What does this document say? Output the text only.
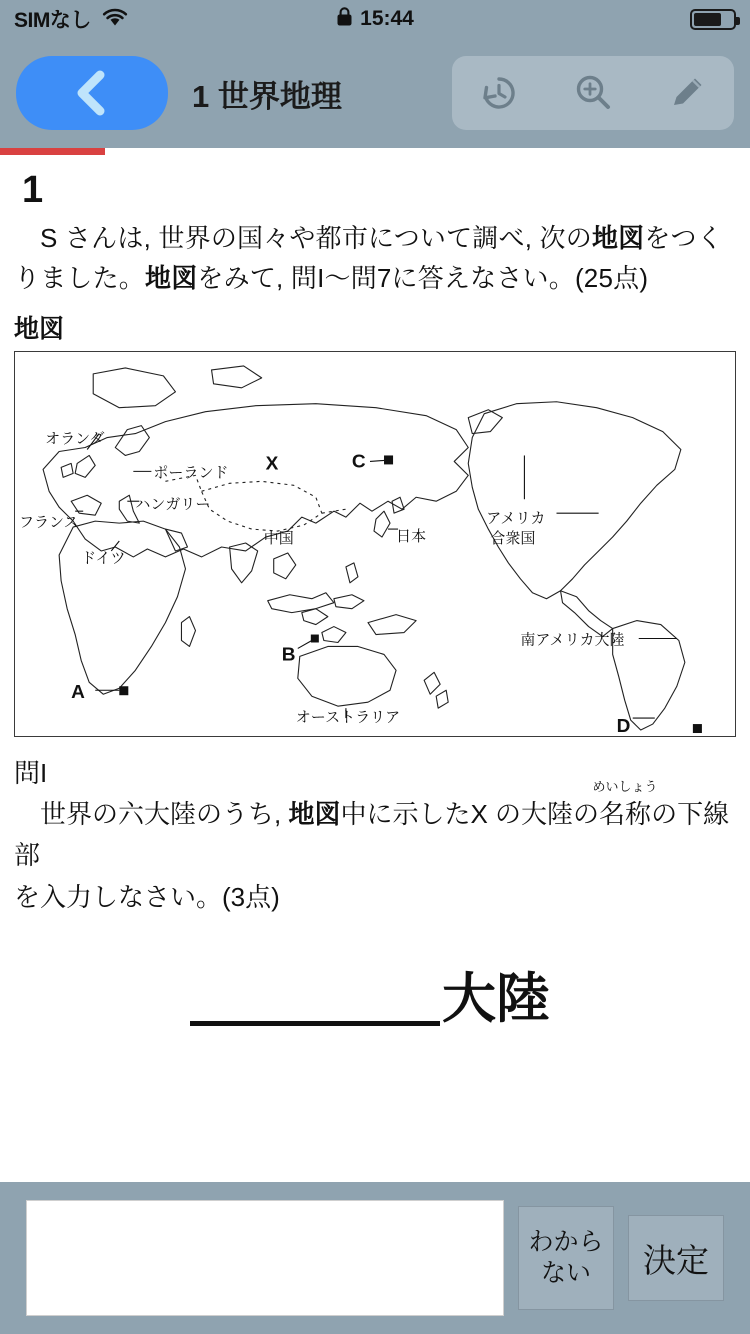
SIMなし	15:44
1 世界地理
1
S さんは, 世界の国々や都市について調べ, 次の地図をつくりました。地図をみて, 問I〜問7に答えなさい。(25点)
地図
X	C
B
A
D
オランダ
ポーランド
ハンガリー
フランス
ドイツ
中国	日本
アメリカ
合衆国
南アメリカ大陸
オーストラリア
問I
世界の六大陸のうち, 地図中に示したX の大陸の
めいしょう
名称の下線部
を入力しなさい。(3点)
大陸
わから
ない	決定
